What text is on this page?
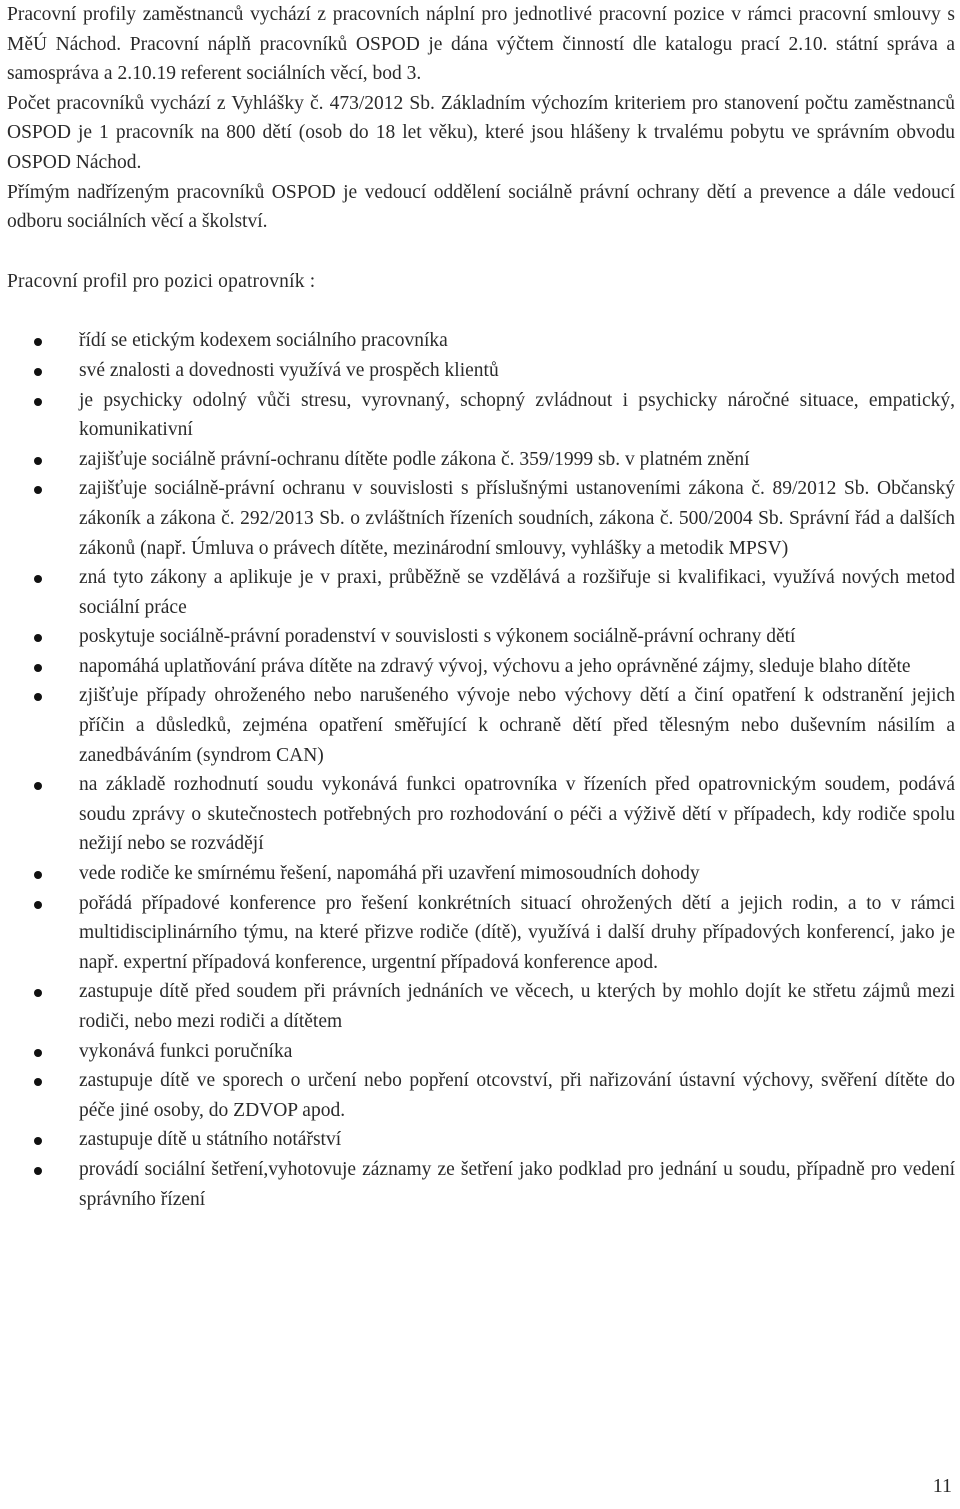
Pracovní profily zaměstnanců vychází z pracovních náplní pro jednotlivé pracovní pozice v rámci pracovní smlouvy s MěÚ Náchod. Pracovní náplň pracovníků OSPOD je dána výčtem činností dle katalogu prací 2.10. státní správa a samospráva a 2.10.19 referent sociálních věcí, bod 3.

Počet pracovníků vychází z Vyhlášky č. 473/2012 Sb. Základním výchozím kriteriem pro stanovení počtu zaměstnanců OSPOD je 1 pracovník na 800 dětí (osob do 18 let věku), které jsou hlášeny k trvalému pobytu ve správním obvodu OSPOD Náchod.

Přímým nadřízeným pracovníků OSPOD je vedoucí oddělení sociálně právní ochrany dětí a prevence a dále vedoucí odboru sociálních věcí a školství.

Pracovní profil pro pozici opatrovník :
řídí se etickým kodexem sociálního pracovníka
své znalosti a dovednosti využívá ve prospěch klientů
je psychicky odolný vůči stresu, vyrovnaný, schopný zvládnout i psychicky náročné situace, empatický, komunikativní
zajišťuje sociálně právní-ochranu dítěte podle zákona č. 359/1999 sb. v platném znění
zajišťuje sociálně-právní ochranu v souvislosti s příslušnými ustanoveními zákona č. 89/2012 Sb. Občanský zákoník a zákona č. 292/2013 Sb. o zvláštních řízeních soudních, zákona č. 500/2004 Sb. Správní řád a dalších zákonů (např. Úmluva o právech dítěte, mezinárodní smlouvy, vyhlášky a metodik MPSV)
zná tyto zákony a aplikuje je v praxi, průběžně se vzdělává a rozšiřuje si kvalifikaci, využívá nových metod sociální práce
poskytuje sociálně-právní poradenství v souvislosti s výkonem sociálně-právní ochrany dětí
napomáhá uplatňování práva dítěte na zdravý vývoj, výchovu a jeho oprávněné zájmy, sleduje blaho dítěte
zjišťuje případy ohroženého nebo narušeného vývoje nebo výchovy dětí a činí opatření k odstranění jejich příčin a důsledků, zejména opatření směřující k ochraně dětí před tělesným nebo duševním násilím a zanedbáváním (syndrom CAN)
na základě rozhodnutí soudu vykonává funkci opatrovníka v řízeních před opatrovnickým soudem, podává soudu zprávy o skutečnostech potřebných pro rozhodování o péči a výživě dětí v případech, kdy rodiče spolu nežijí nebo se rozvádějí
vede rodiče ke smírnému řešení, napomáhá při uzavření mimosoudních dohody
pořádá případové konference pro řešení konkrétních situací ohrožených dětí a jejich rodin, a to v rámci multidisciplinárního týmu, na které přizve rodiče (dítě), využívá i další druhy případových konferencí, jako je např. expertní případová konference, urgentní případová konference apod.
zastupuje dítě před soudem při právních jednáních ve věcech, u kterých by mohlo dojít ke střetu zájmů mezi rodiči, nebo mezi rodiči a dítětem
vykonává funkci poručníka
zastupuje dítě ve sporech o určení nebo popření otcovství, při nařizování ústavní výchovy, svěření dítěte do péče jiné osoby, do ZDVOP apod.
zastupuje dítě u státního notářství
provádí sociální šetření,vyhotovuje záznamy ze šetření jako podklad pro jednání u soudu, případně pro vedení správního řízení
11
